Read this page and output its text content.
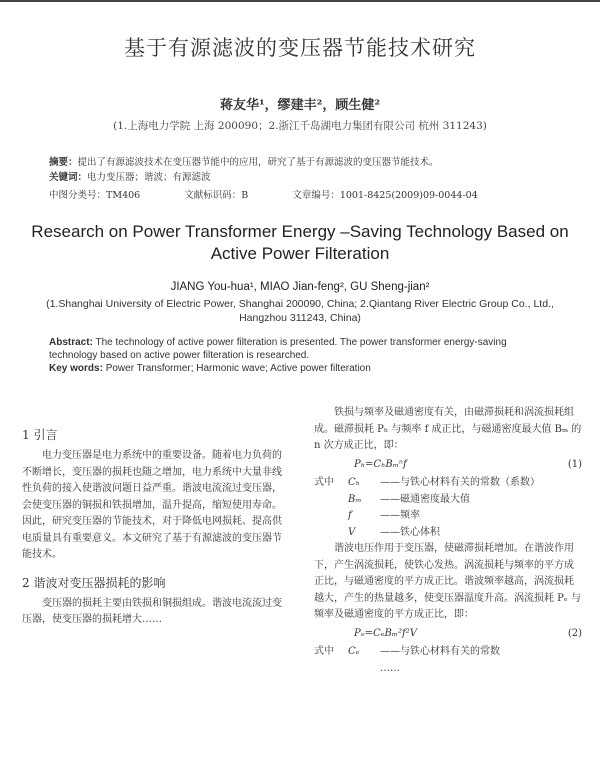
基于有源滤波的变压器节能技术研究
蒋友华¹，缪建丰²，顾生健²
(1.上海电力学院 上海 200090；2.浙江千岛湖电力集团有限公司 杭州 311243)
摘要：提出了有源滤波技术在变压器节能中的应用，研究了基于有源滤波的变压器节能技术。
关键词：电力变压器；谐波；有源滤波
中图分类号：TM406	文献标识码：B	文章编号：1001-8425(2009)09-0044-04
Research on Power Transformer Energy –Saving Technology Based on Active Power Filteration
JIANG You-hua¹, MIAO Jian-feng², GU Sheng-jian²
(1.Shanghai University of Electric Power, Shanghai 200090, China; 2.Qiantang River Electric Group Co., Ltd., Hangzhou 311243, China)
Abstract: The technology of active power filteration is presented. The power transformer energy-saving technology based on active power filteration is researched.
Key words: Power Transformer; Harmonic wave; Active power filteration
1 引言

电力变压器是电力系统中的重要设备。随着电力负荷的不断增长，变压器的损耗也随之增加，电力系统中大量非线性负荷的接入使谐波问题日益严重。谐波电流流过变压器，会使变压器的铜损和铁损增加，温升提高，缩短使用寿命。因此，研究变压器的节能技术，对于降低电网损耗、提高供电质量具有重要意义。本文研究了基于有源滤波的变压器节能技术。

2 谐波对变压器损耗的影响

变压器的损耗主要由铁损和铜损组成。谐波电流流过变压器，使变压器的损耗增大……

铁损与频率及磁通密度有关，由磁滞损耗和涡流损耗组成。磁滞损耗 Pₕ 与频率 f 成正比，与磁通密度最大值 Bₘ 的 n 次方成正比，即：

Pₕ=CₕBₘⁿf	(1)
式中	Cₕ	——与铁心材料有关的常数（系数）
Bₘ	——磁通密度最大值
f	——频率
V	——铁心体积

谐波电压作用于变压器，使磁滞损耗增加。在谐波作用下，产生涡流损耗，使铁心发热。涡流损耗与频率的平方成正比，与磁通密度的平方成正比。谐波频率越高，涡流损耗越大，产生的热量越多，使变压器温度升高。涡流损耗 Pₑ 与频率及磁通密度的平方成正比，即：

Pₑ=CₑBₘ²f²V	(2)
式中	Cₑ	——与铁心材料有关的常数
……
